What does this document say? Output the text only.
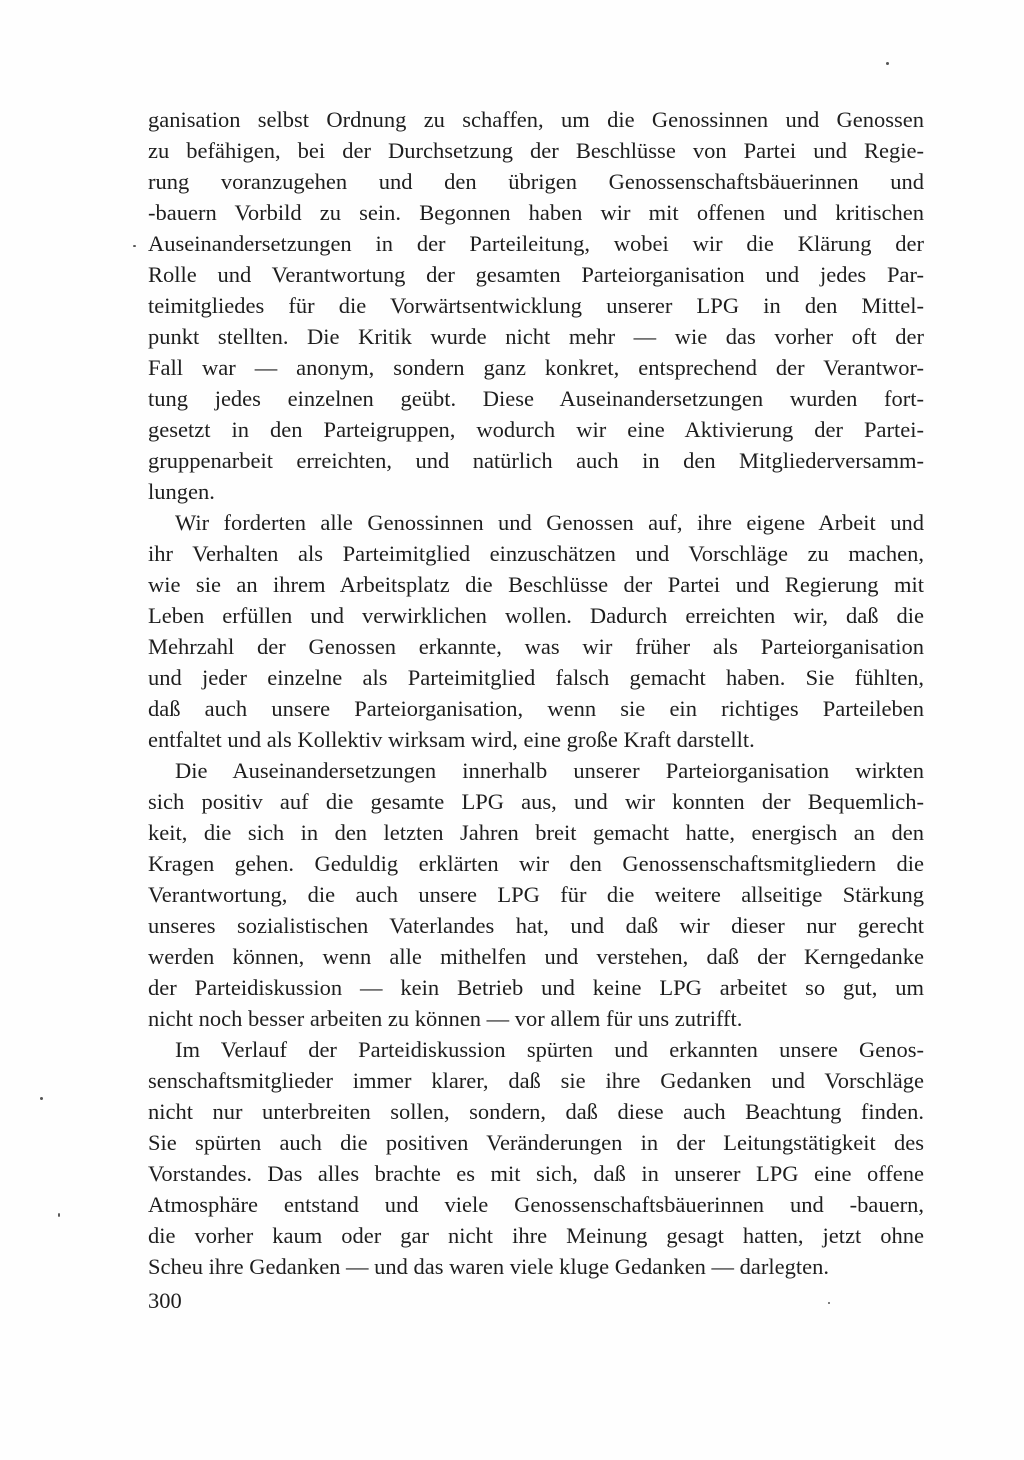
ganisation selbst Ordnung zu schaffen, um die Genossinnen und Genossen
zu befähigen, bei der Durchsetzung der Beschlüsse von Partei und Regie-
rung voranzugehen und den übrigen Genossenschaftsbäuerinnen und
-bauern Vorbild zu sein. Begonnen haben wir mit offenen und kritischen
Auseinandersetzungen in der Parteileitung, wobei wir die Klärung der
Rolle und Verantwortung der gesamten Parteiorganisation und jedes Par-
teimitgliedes für die Vorwärtsentwicklung unserer LPG in den Mittel-
punkt stellten. Die Kritik wurde nicht mehr — wie das vorher oft der
Fall war — anonym, sondern ganz konkret, entsprechend der Verantwor-
tung jedes einzelnen geübt. Diese Auseinandersetzungen wurden fort-
gesetzt in den Parteigruppen, wodurch wir eine Aktivierung der Partei-
gruppenarbeit erreichten, und natürlich auch in den Mitgliederversamm-
lungen.
Wir forderten alle Genossinnen und Genossen auf, ihre eigene Arbeit und
ihr Verhalten als Parteimitglied einzuschätzen und Vorschläge zu machen,
wie sie an ihrem Arbeitsplatz die Beschlüsse der Partei und Regierung mit
Leben erfüllen und verwirklichen wollen. Dadurch erreichten wir, daß die
Mehrzahl der Genossen erkannte, was wir früher als Parteiorganisation
und jeder einzelne als Parteimitglied falsch gemacht haben. Sie fühlten,
daß auch unsere Parteiorganisation, wenn sie ein richtiges Parteileben
entfaltet und als Kollektiv wirksam wird, eine große Kraft darstellt.
Die Auseinandersetzungen innerhalb unserer Parteiorganisation wirkten
sich positiv auf die gesamte LPG aus, und wir konnten der Bequemlich-
keit, die sich in den letzten Jahren breit gemacht hatte, energisch an den
Kragen gehen. Geduldig erklärten wir den Genossenschaftsmitgliedern die
Verantwortung, die auch unsere LPG für die weitere allseitige Stärkung
unseres sozialistischen Vaterlandes hat, und daß wir dieser nur gerecht
werden können, wenn alle mithelfen und verstehen, daß der Kerngedanke
der Parteidiskussion — kein Betrieb und keine LPG arbeitet so gut, um
nicht noch besser arbeiten zu können — vor allem für uns zutrifft.
Im Verlauf der Parteidiskussion spürten und erkannten unsere Genos-
senschaftsmitglieder immer klarer, daß sie ihre Gedanken und Vorschläge
nicht nur unterbreiten sollen, sondern, daß diese auch Beachtung finden.
Sie spürten auch die positiven Veränderungen in der Leitungstätigkeit des
Vorstandes. Das alles brachte es mit sich, daß in unserer LPG eine offene
Atmosphäre entstand und viele Genossenschaftsbäuerinnen und -bauern,
die vorher kaum oder gar nicht ihre Meinung gesagt hatten, jetzt ohne
Scheu ihre Gedanken — und das waren viele kluge Gedanken — darlegten.
300
